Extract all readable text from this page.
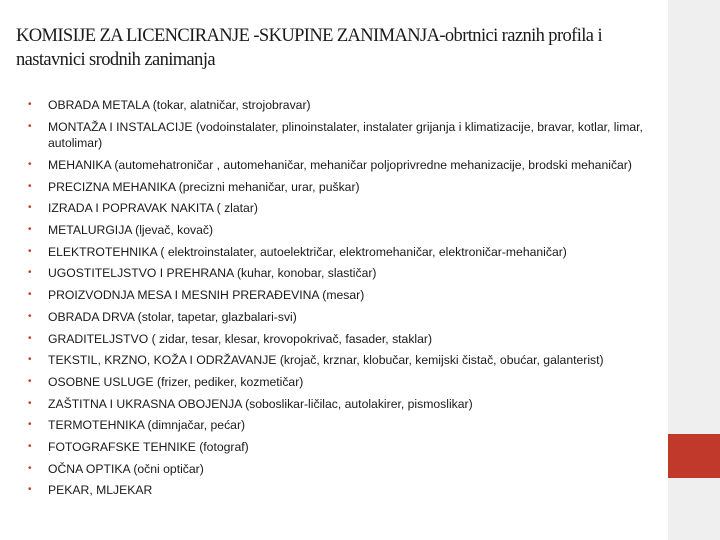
KOMISIJE ZA LICENCIRANJE -SKUPINE ZANIMANJA-obrtnici raznih profila i nastavnici srodnih zanimanja
• OBRADA METALA (tokar, alatničar, strojobravar)
• MONTAŽA I INSTALACIJE (vodoinstalater, plinoinstalater, instalater grijanja i klimatizacije, bravar, kotlar, limar, autolimar)
• MEHANIKA (automehatroničar , automehaničar, mehaničar poljoprivredne mehanizacije, brodski mehaničar)
• PRECIZNA MEHANIKA (precizni mehaničar, urar, puškar)
• IZRADA I POPRAVAK NAKITA ( zlatar)
• METALURGIJA (ljevač, kovač)
• ELEKTROTEHNIKA ( elektroinstalater, autoelektričar, elektromehaničar, elektroničar-mehaničar)
• UGOSTITELJSTVO I PREHRANA (kuhar, konobar, slastičar)
• PROIZVODNJA MESA I MESNIH PRERAĐEVINA (mesar)
• OBRADA DRVA (stolar, tapetar, glazbalari-svi)
• GRADITELJSTVO ( zidar, tesar, klesar, krovopokrivač, fasader, staklar)
• TEKSTIL, KRZNO, KOŽA I ODRŽAVANJE (krojač, krznar, klobučar, kemijski čistač, obućar, galanterist)
• OSOBNE USLUGE (frizer, pediker, kozmetičar)
• ZAŠTITNA I UKRASNA OBOJENJA (soboslikar-ličilac, autolakirer, pismoslikar)
• TERMOTEHNIKA (dimnjačar, pećar)
• FOTOGRAFSKE TEHNIKE (fotograf)
• OČNA OPTIKA (očni optičar)
• PEKAR, MLJEKAR
